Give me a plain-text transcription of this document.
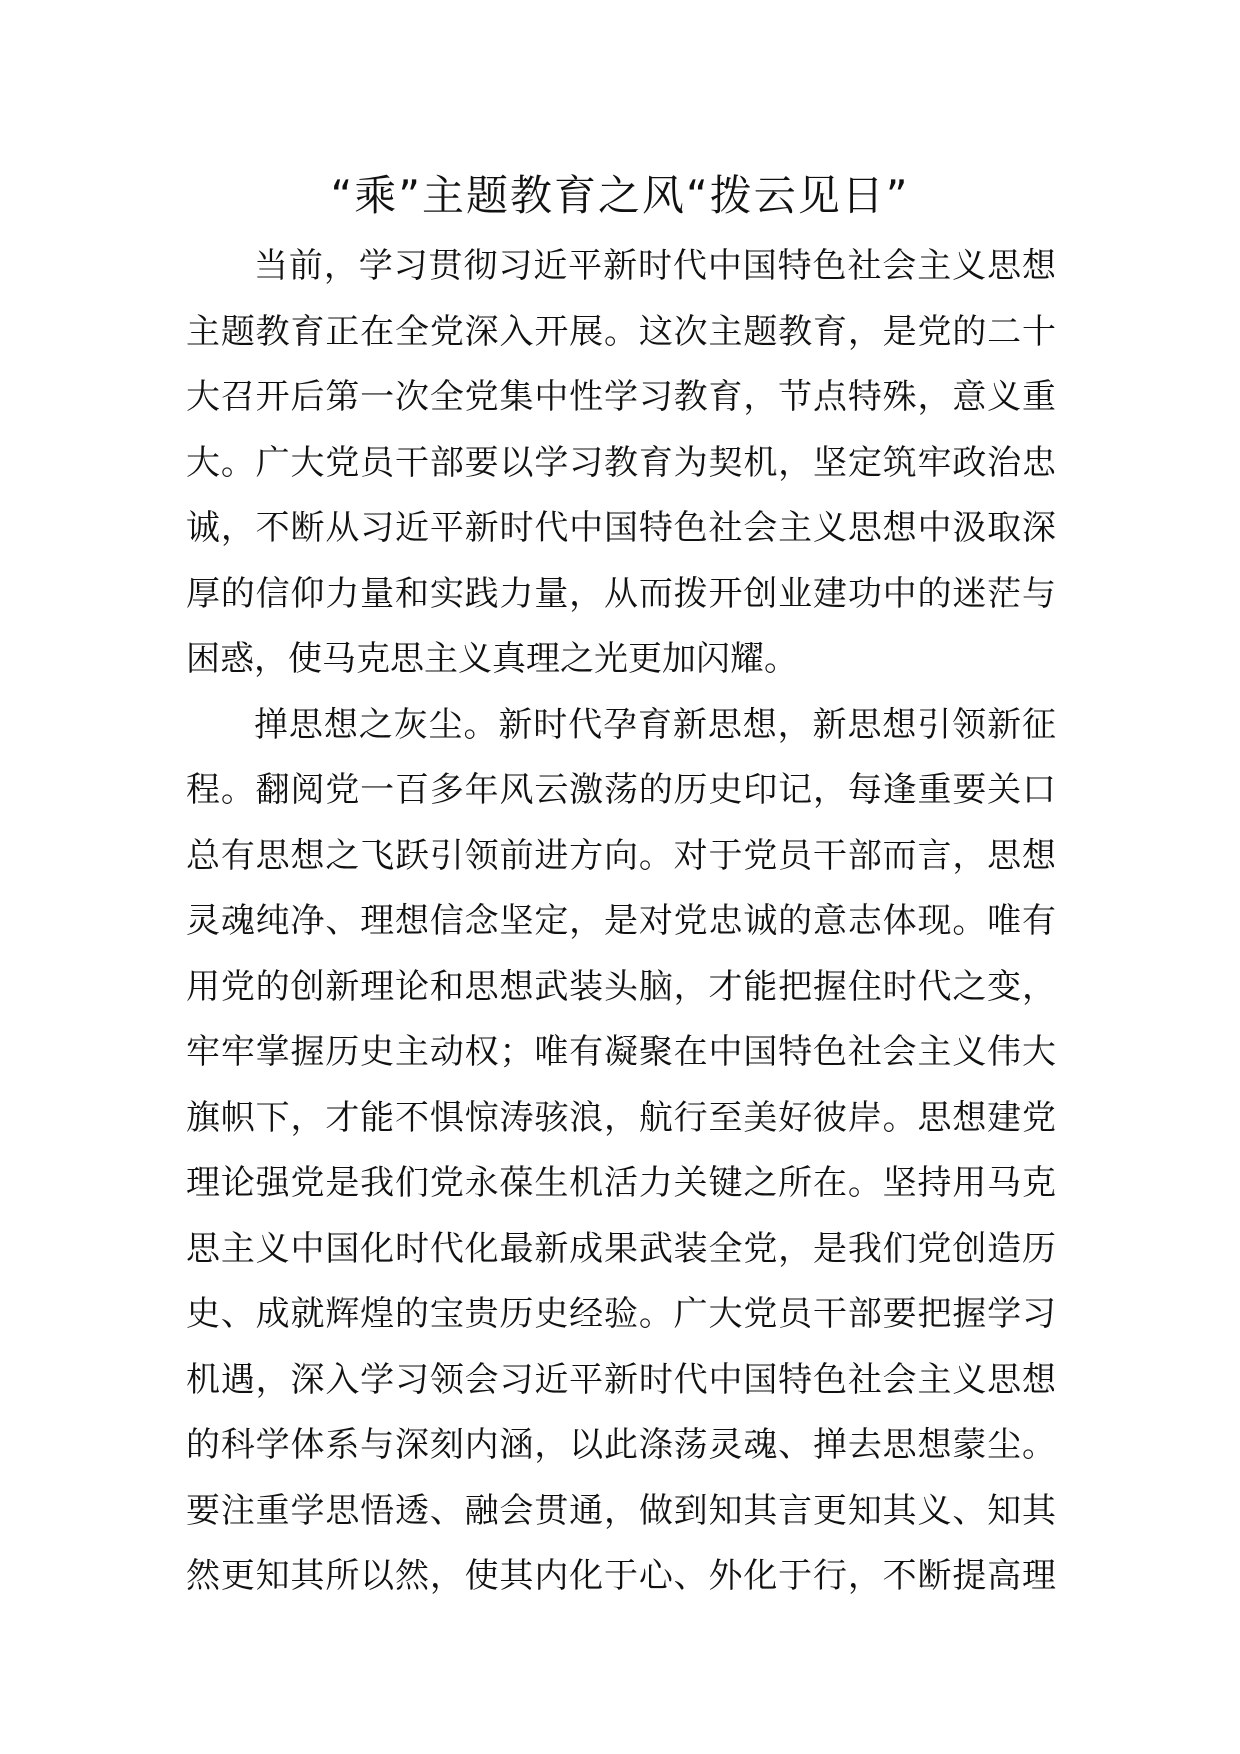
“乘”主题教育之风“拨云见日”
当前，学习贯彻习近平新时代中国特色社会主义思想
主题教育正在全党深入开展。这次主题教育，是党的二十
大召开后第一次全党集中性学习教育，节点特殊，意义重
大。广大党员干部要以学习教育为契机，坚定筑牢政治忠
诚，不断从习近平新时代中国特色社会主义思想中汲取深
厚的信仰力量和实践力量，从而拨开创业建功中的迷茫与
困惑，使马克思主义真理之光更加闪耀。
掸思想之灰尘。新时代孕育新思想，新思想引领新征
程。翻阅党一百多年风云激荡的历史印记，每逢重要关口
总有思想之飞跃引领前进方向。对于党员干部而言，思想
灵魂纯净、理想信念坚定，是对党忠诚的意志体现。唯有
用党的创新理论和思想武装头脑，才能把握住时代之变，
牢牢掌握历史主动权；唯有凝聚在中国特色社会主义伟大
旗帜下，才能不惧惊涛骇浪，航行至美好彼岸。思想建党
理论强党是我们党永葆生机活力关键之所在。坚持用马克
思主义中国化时代化最新成果武装全党，是我们党创造历
史、成就辉煌的宝贵历史经验。广大党员干部要把握学习
机遇，深入学习领会习近平新时代中国特色社会主义思想
的科学体系与深刻内涵，以此涤荡灵魂、掸去思想蒙尘。
要注重学思悟透、融会贯通，做到知其言更知其义、知其
然更知其所以然，使其内化于心、外化于行，不断提高理
